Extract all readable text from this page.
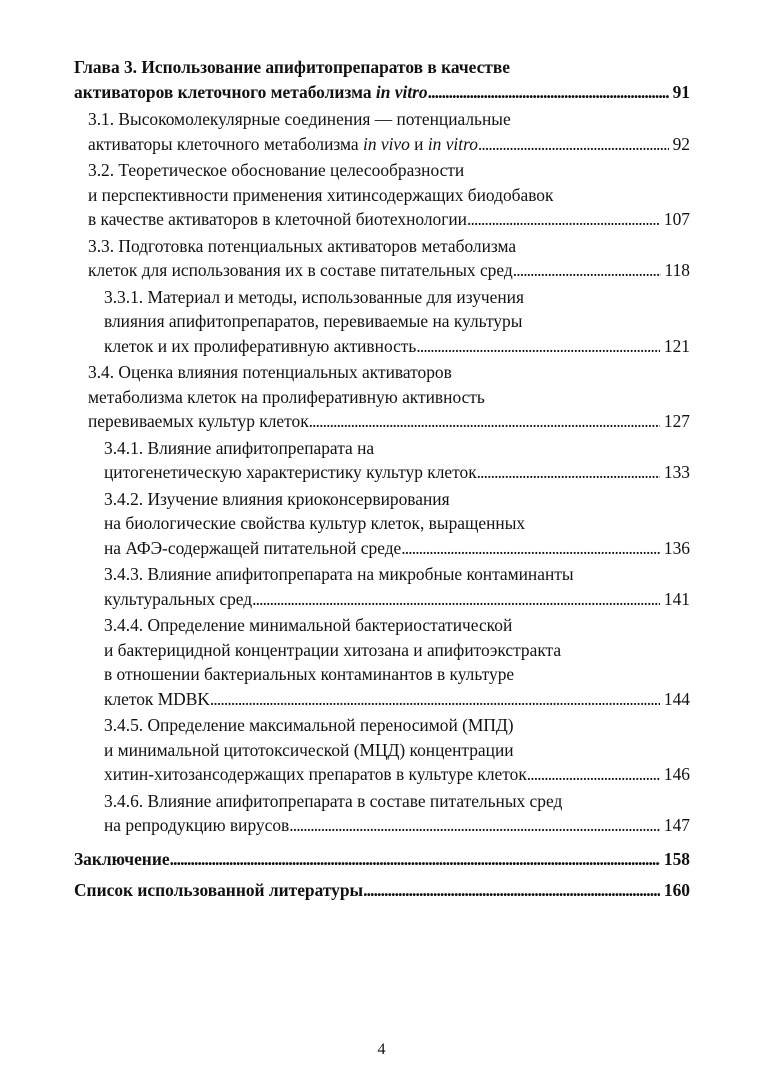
Глава 3. Использование апифитопрепаратов в качестве
активаторов клеточного метаболизма in vitro . . .	91
3.1. Высокомолекулярные соединения — потенциальные
активаторы клеточного метаболизма in vivo и in vitro . . .	92
3.2. Теоретическое обоснование целесообразности
и перспективности применения хитинсодержащих биодобавок
в качестве активаторов в клеточной биотехнологии . . .	107
3.3. Подготовка потенциальных активаторов метаболизма
клеток для использования их в составе питательных сред . . .	118
3.3.1. Материал и методы, использованные для изучения
влияния апифитопрепаратов, перевиваемые на культуры
клеток и их пролиферативную активность . . .	121
3.4. Оценка влияния потенциальных активаторов
метаболизма клеток на пролиферативную активность
перевиваемых культур клеток . . .	127
3.4.1. Влияние апифитопрепарата на
цитогенетическую характеристику культур клеток . . .	133
3.4.2. Изучение влияния криоконсервирования
на биологические свойства культур клеток, выращенных
на АФЭ-содержащей питательной среде . . .	136
3.4.3. Влияние апифитопрепарата на микробные контаминанты
культуральных сред . . .	141
3.4.4. Определение минимальной бактериостатической
и бактерицидной концентрации хитозана и апифитоэкстракта
в отношении бактериальных контаминантов в культуре
клеток MDBK . . .	144
3.4.5. Определение максимальной переносимой (МПД)
и минимальной цитотоксической (МЦД) концентрации
хитин-хитозансодержащих препаратов в культуре клеток . . .	146
3.4.6. Влияние апифитопрепарата в составе питательных сред
на репродукцию вирусов . . .	147
Заключение . . .	158
Список использованной литературы . . .	160
4
